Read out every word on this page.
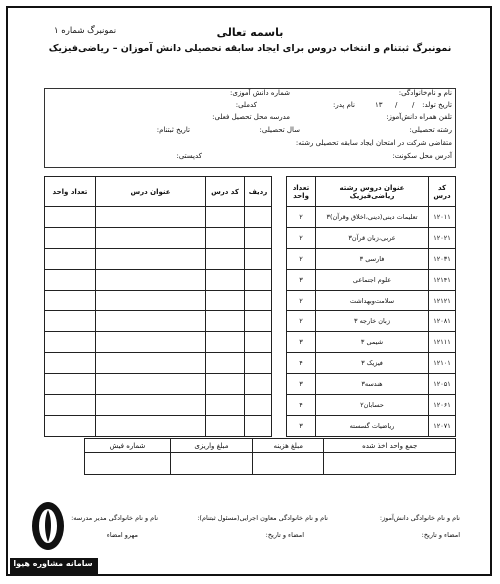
باسمه تعالی
نمونبرگ ثبتنام و انتخاب دروس برای ایجاد سابقه تحصیلی دانش آموزان – ریاضی‌فیزیک
نمونبرگ شماره ۱
نام و نام‌خانوادگی:
شماره دانش آموزی:
تاریخ تولد:
/
/
۱۳
نام پدر:
کدملی:
تلفن همراه دانش‌آموز:
مدرسه محل تحصیل فعلی:
رشته تحصیلی:
سال تحصیلی:
تاریخ ثبتنام:
متقاضی شرکت در امتحان ایجاد سابقه تحصیلی رشته:
آدرس محل سکونت:
کدپستی:
کد درس	عنوان دروس رشته ریاضی‌فیزیک	تعداد واحد
۱۲۰۱۱	تعلیمات دینی(دینی،اخلاق وقرآن)۳	۲
۱۲۰۲۱	عربی،زبان قرآن۳	۲
۱۲۰۳۱	فارسی ۳	۲
۱۲۱۴۱	علوم اجتماعی	۳
۱۲۱۲۱	سلامت‌وبهداشت	۲
۱۲۰۸۱	زبان خارجه ۳	۲
۱۲۱۱۱	شیمی ۳	۳
۱۲۱۰۱	فیزیک ۳	۴
۱۲۰۵۱	هندسه۳	۳
۱۲۰۶۱	حسابان۲	۴
۱۲۰۷۱	ریاضیات گسسته	۳
ردیف	کد درس	عنوان درس	تعداد واحد

جمع واحد اخذ شده	مبلغ هزینه	مبلغ واریزی	شماره فیش

نام و نام خانوادگی دانش‌آموز:
امضاء و تاریخ:
نام و نام خانوادگی معاون اجرایی(مسئول ثبتنام):
امضاء و تاریخ:
نام و نام خانوادگی مدیر مدرسه:
مهرو امضاء
سامانه مشاوره هیوا
